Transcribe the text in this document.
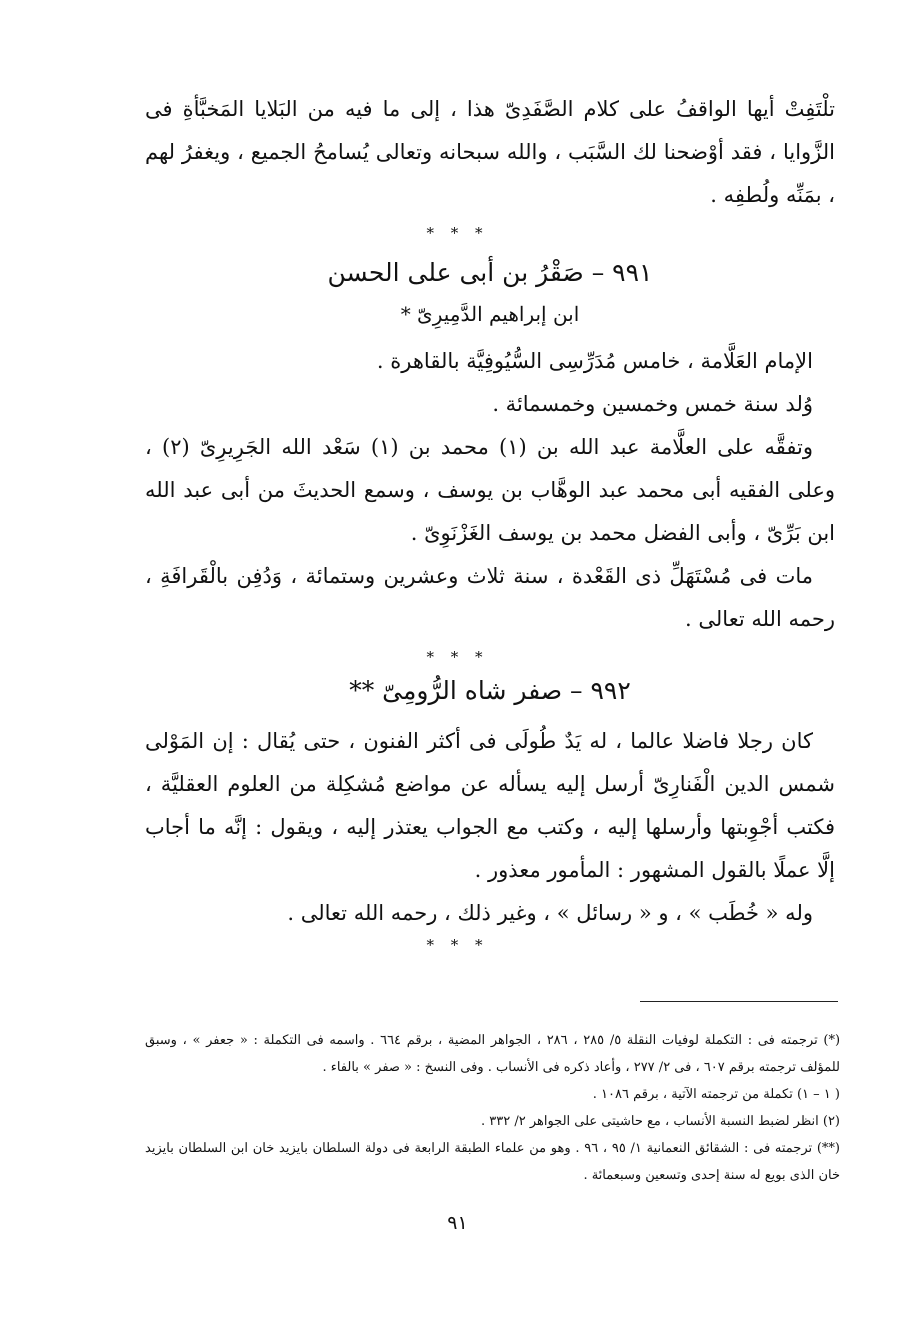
تلْتَفِتْ أيها الواقفُ على كلام الصَّفَدِىّ هذا ، إلى ما فيه من البَلايا المَخبَّأةِ فى الزَّوايا ، فقد أوْضحنا لك السَّبَب ، والله سبحانه وتعالى يُسامحُ الجميع ، ويغفرُ لهم ، بمَنِّه ولُطفِه .

* * *
٩٩١ – صَقْرُ بن أبى على الحسن
ابن إبراهيم الدَّمِيرِىّ *

الإمام العَلَّامة ، خامس مُدَرِّسِى السُّيُوفِيَّة بالقاهرة .

وُلد سنة خمس وخمسين وخمسمائة .

وتفقَّه على العلَّامة عبد الله بن (١) محمد بن (١) سَعْد الله الجَرِيرِىّ (٢) ، وعلى الفقيه أبى محمد عبد الوهَّاب بن يوسف ، وسمع الحديثَ من أبى عبد الله ابن بَرِّىّ ، وأبى الفضل محمد بن يوسف الغَزْنَوِىّ .

مات فى مُسْتَهَلِّ ذى القَعْدة ، سنة ثلاث وعشرين وستمائة ، وَدُفِن بالْقَرافَةِ ، رحمه الله تعالى .

* * *
٩٩٢ – صفر شاه الرُّومِىّ **

كان رجلا فاضلا عالما ، له يَدٌ طُولَى فى أكثر الفنون ، حتى يُقال : إن المَوْلى شمس الدين الْفَنارِىّ أرسل إليه يسأله عن مواضع مُشكِلة من العلوم العقليَّة ، فكتب أجْوِبتها وأرسلها إليه ، وكتب مع الجواب يعتذر إليه ، ويقول : إنَّه ما أجاب إلَّا عملًا بالقول المشهور : المأمور معذور .

وله « خُطَب » ، و « رسائل » ، وغير ذلك ، رحمه الله تعالى .

* * *

(*) ترجمته فى : التكملة لوفيات النقلة ٥/ ٢٨٥ ، ٢٨٦ ، الجواهر المضية ، برقم ٦٦٤ . واسمه فى التكملة : « جعفر » ، وسبق للمؤلف ترجمته برقم ٦٠٧ ، فى ٢/ ٢٧٧ ، وأعاد ذكره فى الأنساب . وفى النسخ : « صفر » بالفاء .

( ١ – ١) تكملة من ترجمته الآتية ، برقم ١٠٨٦ .

(٢) انظر لضبط النسبة الأنساب ، مع حاشيتى على الجواهر ٢/ ٣٣٢ .

(**) ترجمته فى : الشقائق النعمانية ١/ ٩٥ ، ٩٦ . وهو من علماء الطبقة الرابعة فى دولة السلطان بايزيد خان ابن السلطان بايزيد خان الذى بويع له سنة إحدى وتسعين وسبعمائة .

٩١
